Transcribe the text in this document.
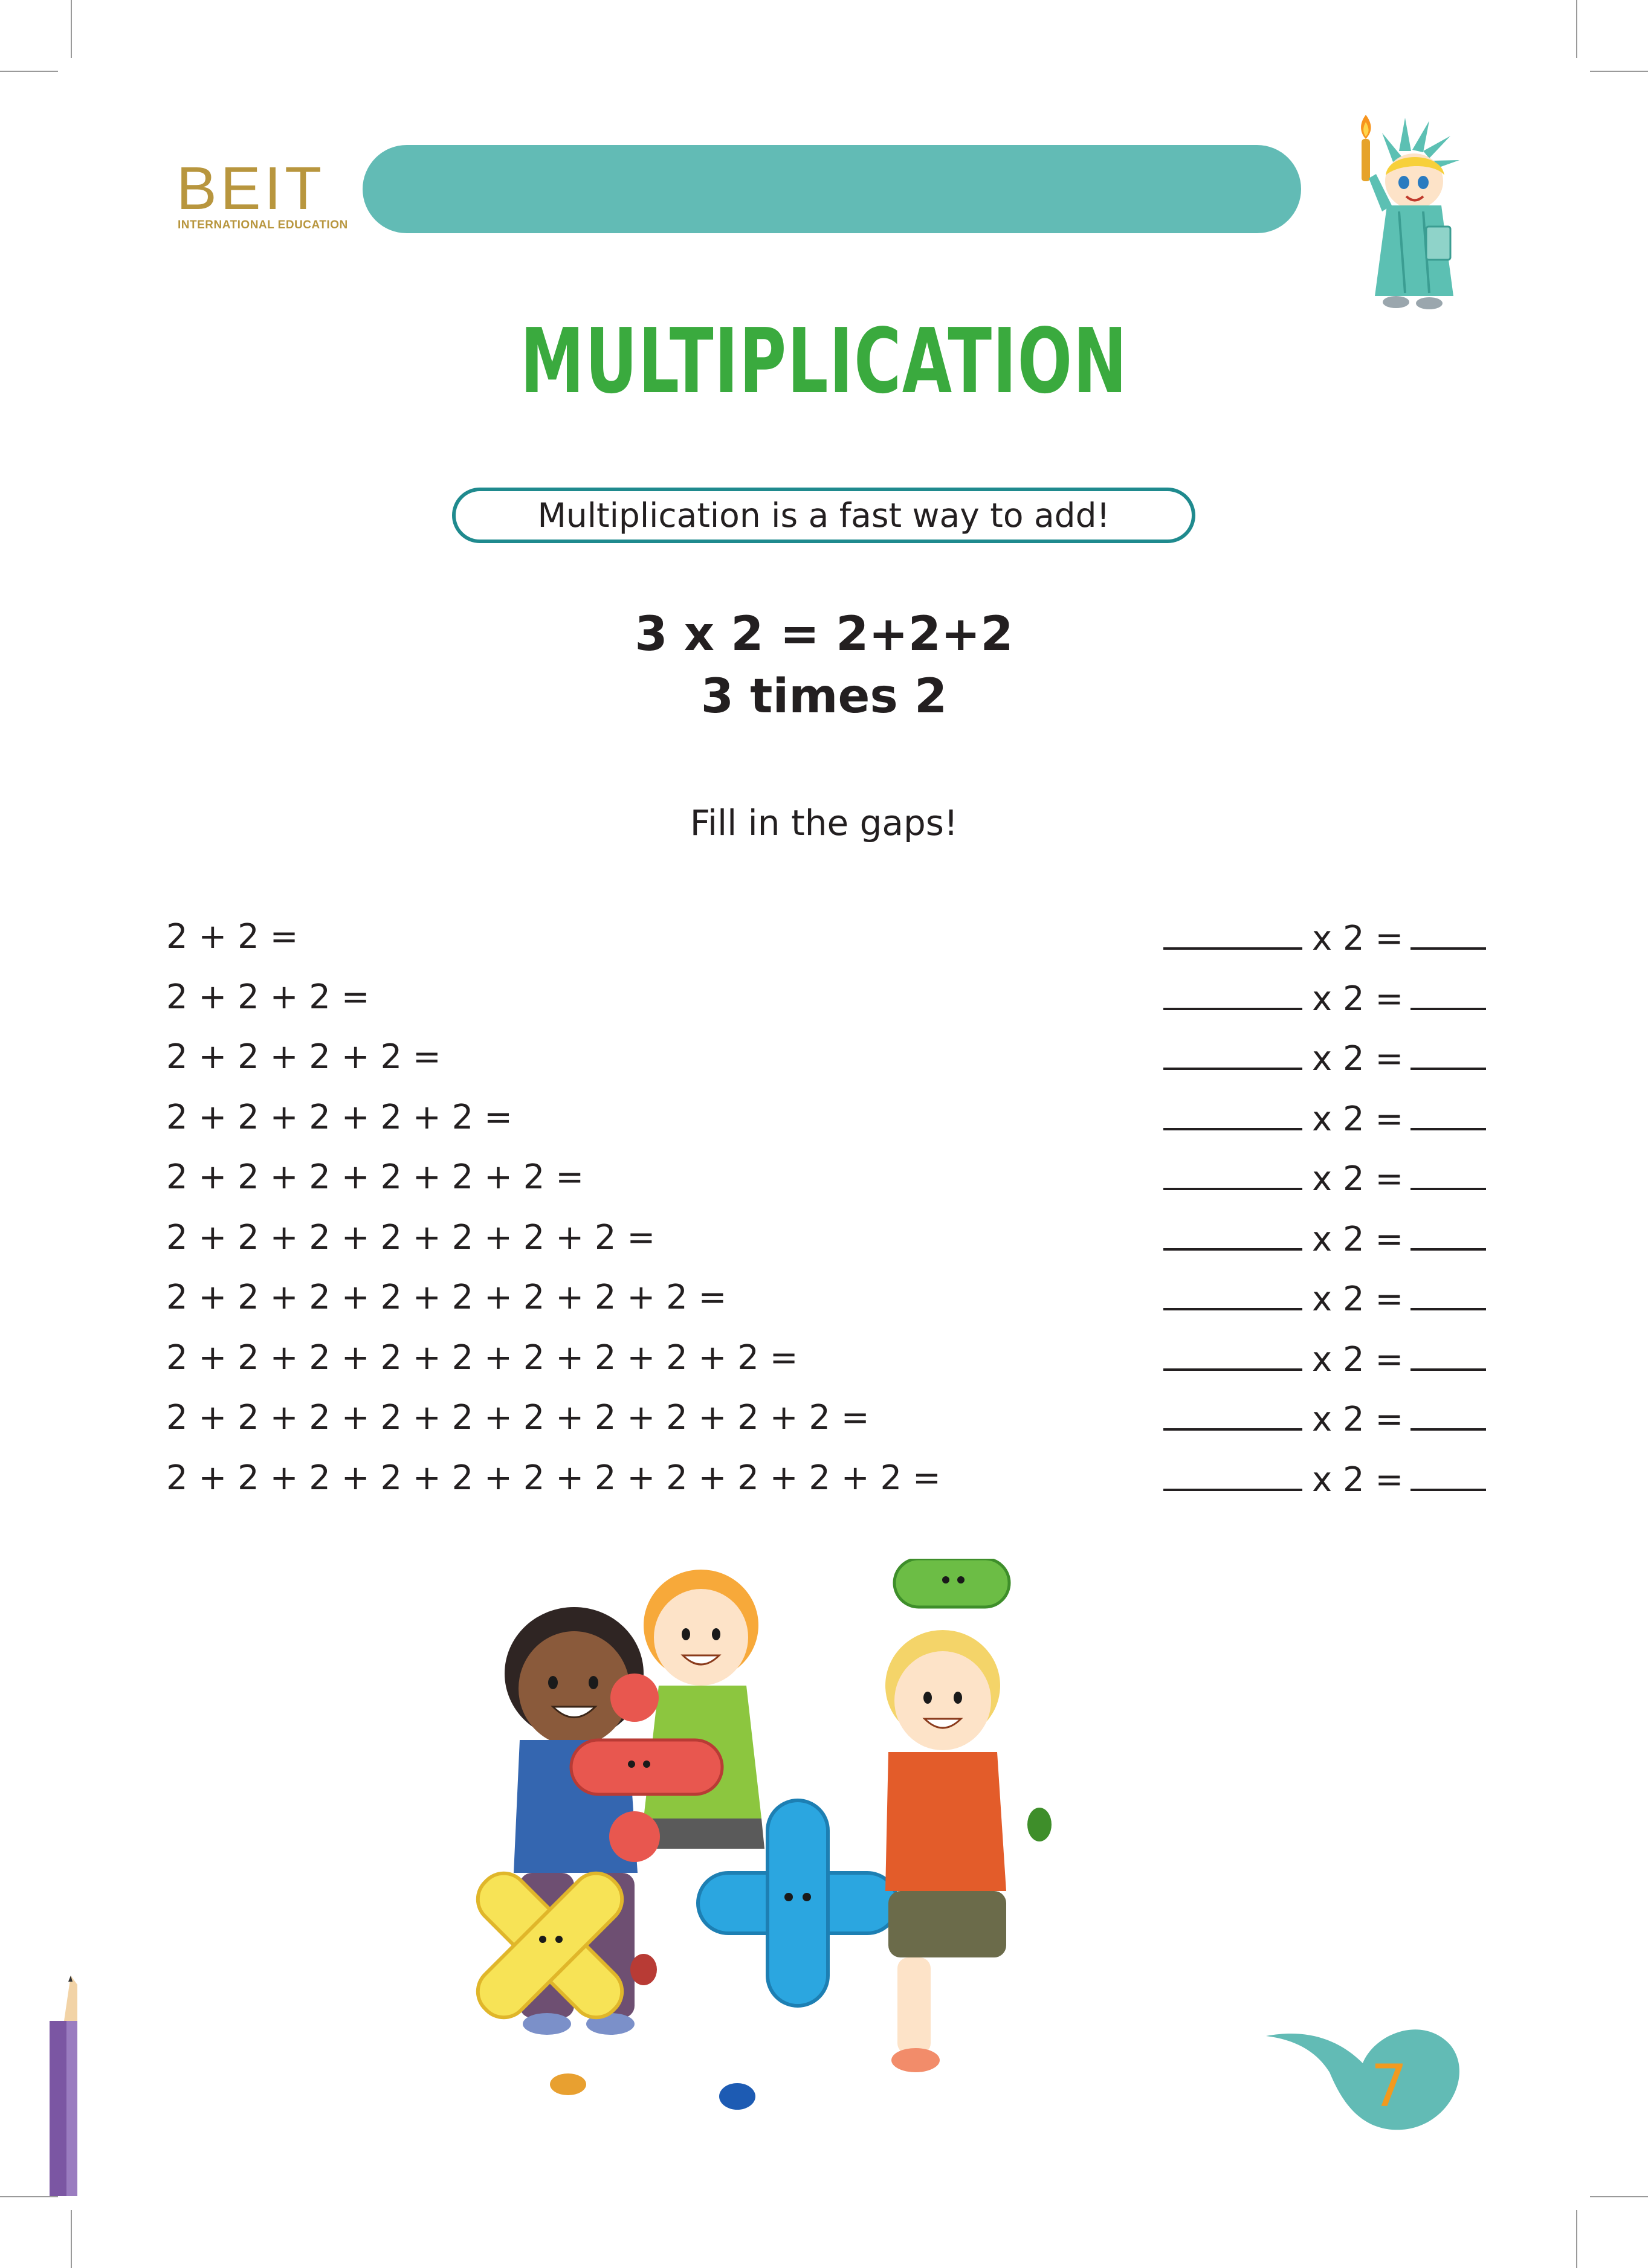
BEIT
INTERNATIONAL EDUCATION
MULTIPLICATION
Multiplication is a fast way to add!
3 x 2 = 2+2+2
3 times 2
Fill in the gaps!
2 + 2 =	x 2 =
2 + 2 + 2 =	x 2 =
2 + 2 + 2 + 2 =	x 2 =
2 + 2 + 2 + 2 + 2 =	x 2 =
2 + 2 + 2 + 2 + 2 + 2 =	x 2 =
2 + 2 + 2 + 2 + 2 + 2 + 2 =	x 2 =
2 + 2 + 2 + 2 + 2 + 2 + 2 + 2 =	x 2 =
2 + 2 + 2 + 2 + 2 + 2 + 2 + 2 + 2 =	x 2 =
2 + 2 + 2 + 2 + 2 + 2 + 2 + 2 + 2 + 2 =	x 2 =
2 + 2 + 2 + 2 + 2 + 2 + 2 + 2 + 2 + 2 + 2 =	x 2 =
7
